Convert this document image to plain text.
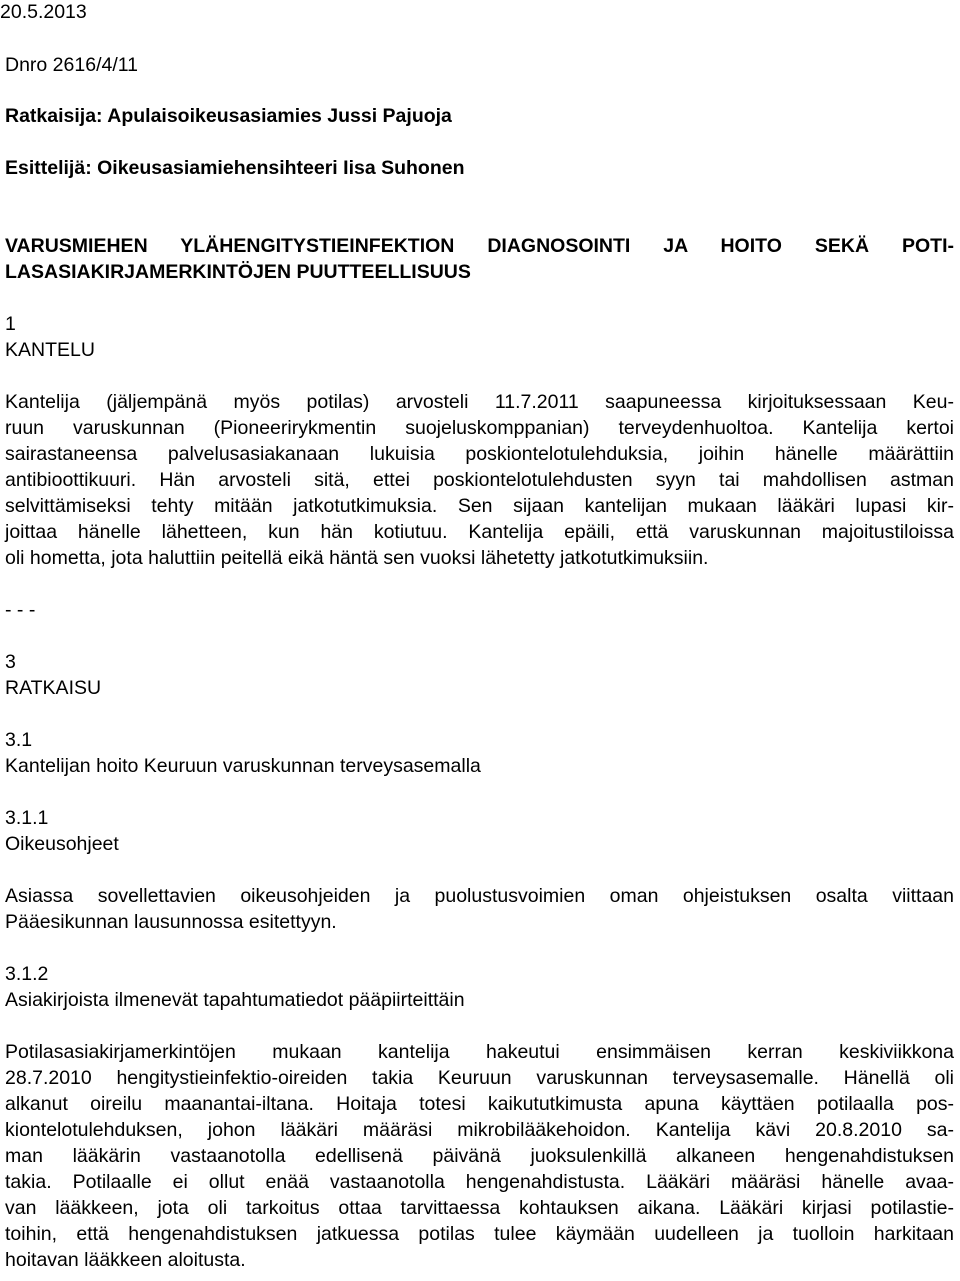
20.5.2013
Dnro 2616/4/11
Ratkaisija: Apulaisoikeusasiamies Jussi Pajuoja
Esittelijä: Oikeusasiamiehensihteeri Iisa Suhonen
VARUSMIEHEN YLÄHENGITYSTIEINFEKTION DIAGNOSOINTI JA HOITO SEKÄ POTI-
LASASIAKIRJAMERKINTÖJEN PUUTTEELLISUUS
1
KANTELU
Kantelija (jäljempänä myös potilas) arvosteli 11.7.2011 saapuneessa kirjoituksessaan Keu-
ruun varuskunnan (Pioneerirykmentin suojeluskomppanian) terveydenhuoltoa. Kantelija kertoi
sairastaneensa palvelusasiakanaan lukuisia poskiontelotulehduksia, joihin hänelle määrättiin
antibioottikuuri. Hän arvosteli sitä, ettei poskiontelotulehdusten syyn tai mahdollisen astman
selvittämiseksi tehty mitään jatkotutkimuksia. Sen sijaan kantelijan mukaan lääkäri lupasi kir-
joittaa hänelle lähetteen, kun hän kotiutuu. Kantelija epäili, että varuskunnan majoitustiloissa
oli hometta, jota haluttiin peitellä eikä häntä sen vuoksi lähetetty jatkotutkimuksiin.
- - -
3
RATKAISU
3.1
Kantelijan hoito Keuruun varuskunnan terveysasemalla
3.1.1
Oikeusohjeet
Asiassa sovellettavien oikeusohjeiden ja puolustusvoimien oman ohjeistuksen osalta viittaan
Pääesikunnan lausunnossa esitettyyn.
3.1.2
Asiakirjoista ilmenevät tapahtumatiedot pääpiirteittäin
Potilasasiakirjamerkintöjen mukaan kantelija hakeutui ensimmäisen kerran keskiviikkona
28.7.2010 hengitystieinfektio-oireiden takia Keuruun varuskunnan terveysasemalle. Hänellä oli
alkanut oireilu maanantai-iltana. Hoitaja totesi kaikututkimusta apuna käyttäen potilaalla pos-
kiontelotulehduksen, johon lääkäri määräsi mikrobilääkehoidon. Kantelija kävi 20.8.2010 sa-
man lääkärin vastaanotolla edellisenä päivänä juoksulenkillä alkaneen hengenahdistuksen
takia. Potilaalle ei ollut enää vastaanotolla hengenahdistusta. Lääkäri määräsi hänelle avaa-
van lääkkeen, jota oli tarkoitus ottaa tarvittaessa kohtauksen aikana. Lääkäri kirjasi potilastie-
toihin, että hengenahdistuksen jatkuessa potilas tulee käymään uudelleen ja tuolloin harkitaan
hoitavan lääkkeen aloitusta.
